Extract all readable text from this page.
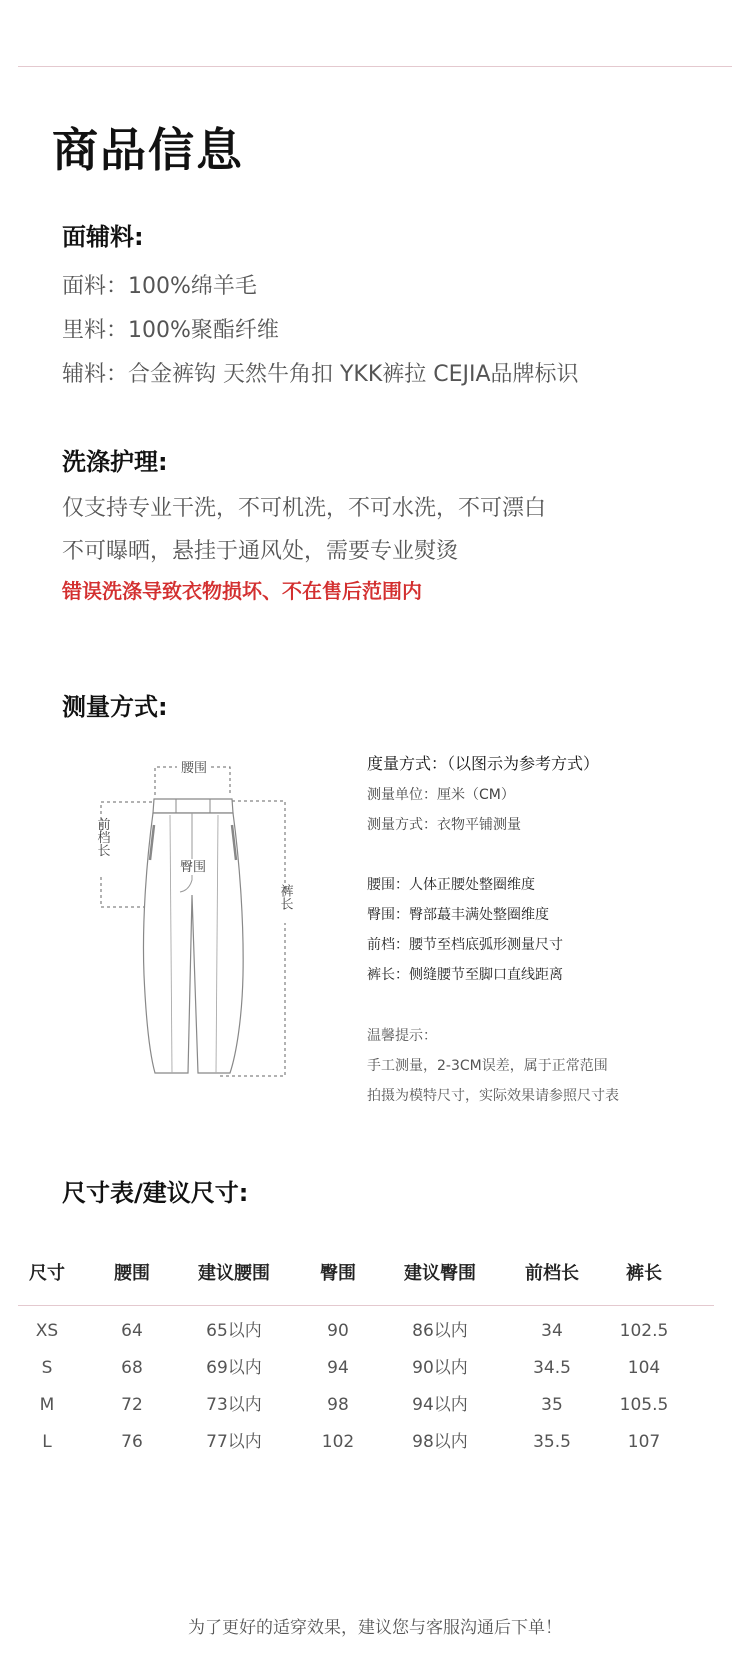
商品信息
面辅料:
面料：100%绵羊毛
里料：100%聚酯纤维
辅料：合金裤钩 天然牛角扣 YKK裤拉 CEJIA品牌标识
洗涤护理:
仅支持专业干洗，不可机洗，不可水洗，不可漂白
不可曝晒，悬挂于通风处，需要专业熨烫
错误洗涤导致衣物损坏、不在售后范围内
测量方式:
腰围
臀围
前档长
裤长
度量方式：（以图示为参考方式）
测量单位：厘米（CM）
测量方式：衣物平铺测量
腰围：人体正腰处整圈维度
臀围：臀部蕞丰满处整圈维度
前档：腰节至档底弧形测量尺寸
裤长：侧缝腰节至脚口直线距离
温馨提示：
手工测量，2-3CM误差，属于正常范围
拍摄为模特尺寸，实际效果请参照尺寸表
尺寸表/建议尺寸:
尺寸	腰围	建议腰围	臀围	建议臀围	前档长	裤长
XS	64	65以内	90	86以内	34	102.5
S	68	69以内	94	90以内	34.5	104
M	72	73以内	98	94以内	35	105.5
L	76	77以内	102	98以内	35.5	107
为了更好的适穿效果，建议您与客服沟通后下单！
